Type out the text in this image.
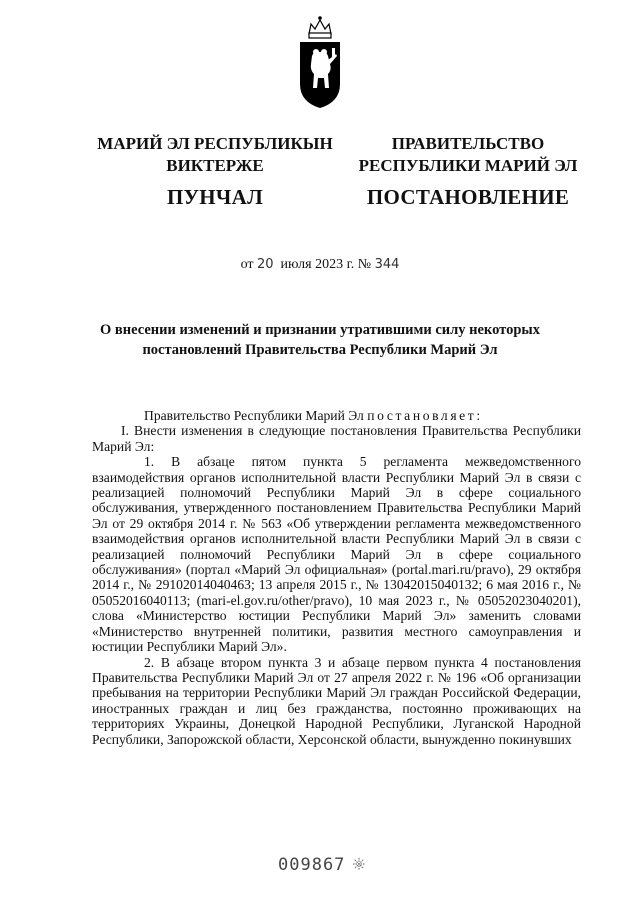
МАРИЙ ЭЛ РЕСПУБЛИКЫН
ВИКТЕРЖЕ
ПУНЧАЛ
ПРАВИТЕЛЬСТВО
РЕСПУБЛИКИ МАРИЙ ЭЛ
ПОСТАНОВЛЕНИЕ
от 20 июля 2023 г. № 344
О внесении изменений и признании утратившими силу некоторых
постановлений Правительства Республики Марий Эл

Правительство Республики Марий Эл постановляет:

I. Внести изменения в следующие постановления Правительства Республики Марий Эл:

1. В абзаце пятом пункта 5 регламента межведомственного взаимодействия органов исполнительной власти Республики Марий Эл в связи с реализацией полномочий Республики Марий Эл в сфере социального обслуживания, утвержденного постановлением Правительства Республики Марий Эл от 29 октября 2014 г. № 563 «Об утверждении регламента межведомственного взаимодействия органов исполнительной власти Республики Марий Эл в связи с реализацией полномочий Республики Марий Эл в сфере социального обслуживания» (портал «Марий Эл официальная» (portal.mari.ru/pravo), 29 октября 2014 г., № 29102014040463; 13 апреля 2015 г., № 13042015040132; 6 мая 2016 г., № 05052016040113; (mari-el.gov.ru/other/pravo), 10 мая 2023 г., № 05052023040201), слова «Министерство юстиции Республики Марий Эл» заменить словами «Министерство внутренней политики, развития местного самоуправления и юстиции Республики Марий Эл».

2. В абзаце втором пункта 3 и абзаце первом пункта 4 постановления Правительства Республики Марий Эл от 27 апреля 2022 г. № 196 «Об организации пребывания на территории Республики Марий Эл граждан Российской Федерации, иностранных граждан и лиц без гражданства, постоянно проживающих на территориях Украины, Донецкой Народной Республики, Луганской Народной Республики, Запорожской области, Херсонской области, вынужденно покинувших

009867
